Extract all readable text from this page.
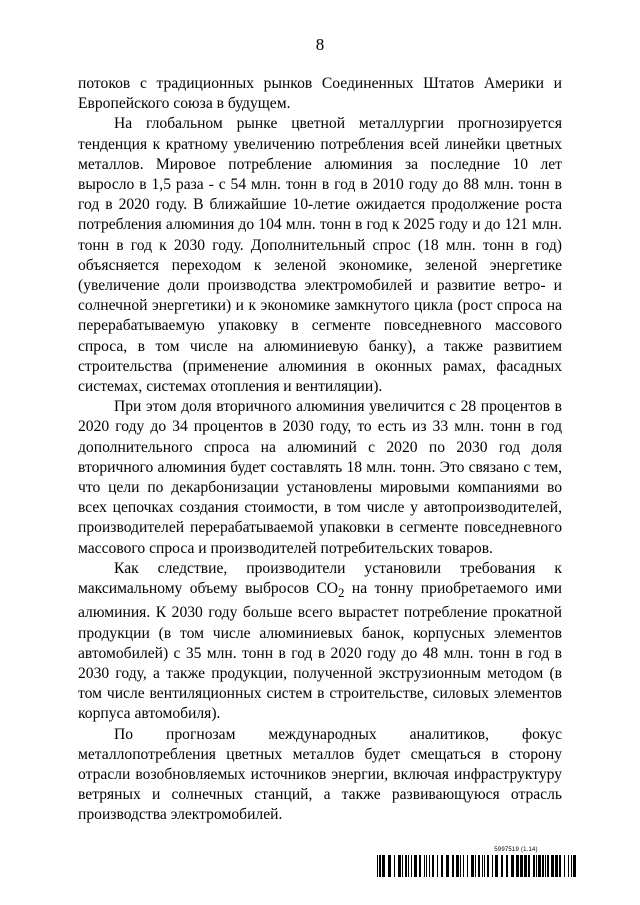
8

потоков с традиционных рынков Соединенных Штатов Америки и Европейского союза в будущем.

На глобальном рынке цветной металлургии прогнозируется тенденция к кратному увеличению потребления всей линейки цветных металлов. Мировое потребление алюминия за последние 10 лет выросло в 1,5 раза - с 54 млн. тонн в год в 2010 году до 88 млн. тонн в год в 2020 году. В ближайшие 10-летие ожидается продолжение роста потребления алюминия до 104 млн. тонн в год к 2025 году и до 121 млн. тонн в год к 2030 году. Дополнительный спрос (18 млн. тонн в год) объясняется переходом к зеленой экономике, зеленой энергетике (увеличение доли производства электромобилей и развитие ветро- и солнечной энергетики) и к экономике замкнутого цикла (рост спроса на перерабатываемую упаковку в сегменте повседневного массового спроса, в том числе на алюминиевую банку), а также развитием строительства (применение алюминия в оконных рамах, фасадных системах, системах отопления и вентиляции).

При этом доля вторичного алюминия увеличится с 28 процентов в 2020 году до 34 процентов в 2030 году, то есть из 33 млн. тонн в год дополнительного спроса на алюминий с 2020 по 2030 год доля вторичного алюминия будет составлять 18 млн. тонн. Это связано с тем, что цели по декарбонизации установлены мировыми компаниями во всех цепочках создания стоимости, в том числе у автопроизводителей, производителей перерабатываемой упаковки в сегменте повседневного массового спроса и производителей потребительских товаров.

Как следствие, производители установили требования к максимальному объему выбросов $CO_2$ на тонну приобретаемого ими алюминия. К 2030 году больше всего вырастет потребление прокатной продукции (в том числе алюминиевых банок, корпусных элементов автомобилей) с 35 млн. тонн в год в 2020 году до 48 млн. тонн в год в 2030 году, а также продукции, полученной экструзионным методом (в том числе вентиляционных систем в строительстве, силовых элементов корпуса автомобиля).

По прогнозам международных аналитиков, фокус металлопотребления цветных металлов будет смещаться в сторону отрасли возобновляемых источников энергии, включая инфраструктуру ветряных и солнечных станций, а также развивающуюся отрасль производства электромобилей.

5997519 (1.14)
